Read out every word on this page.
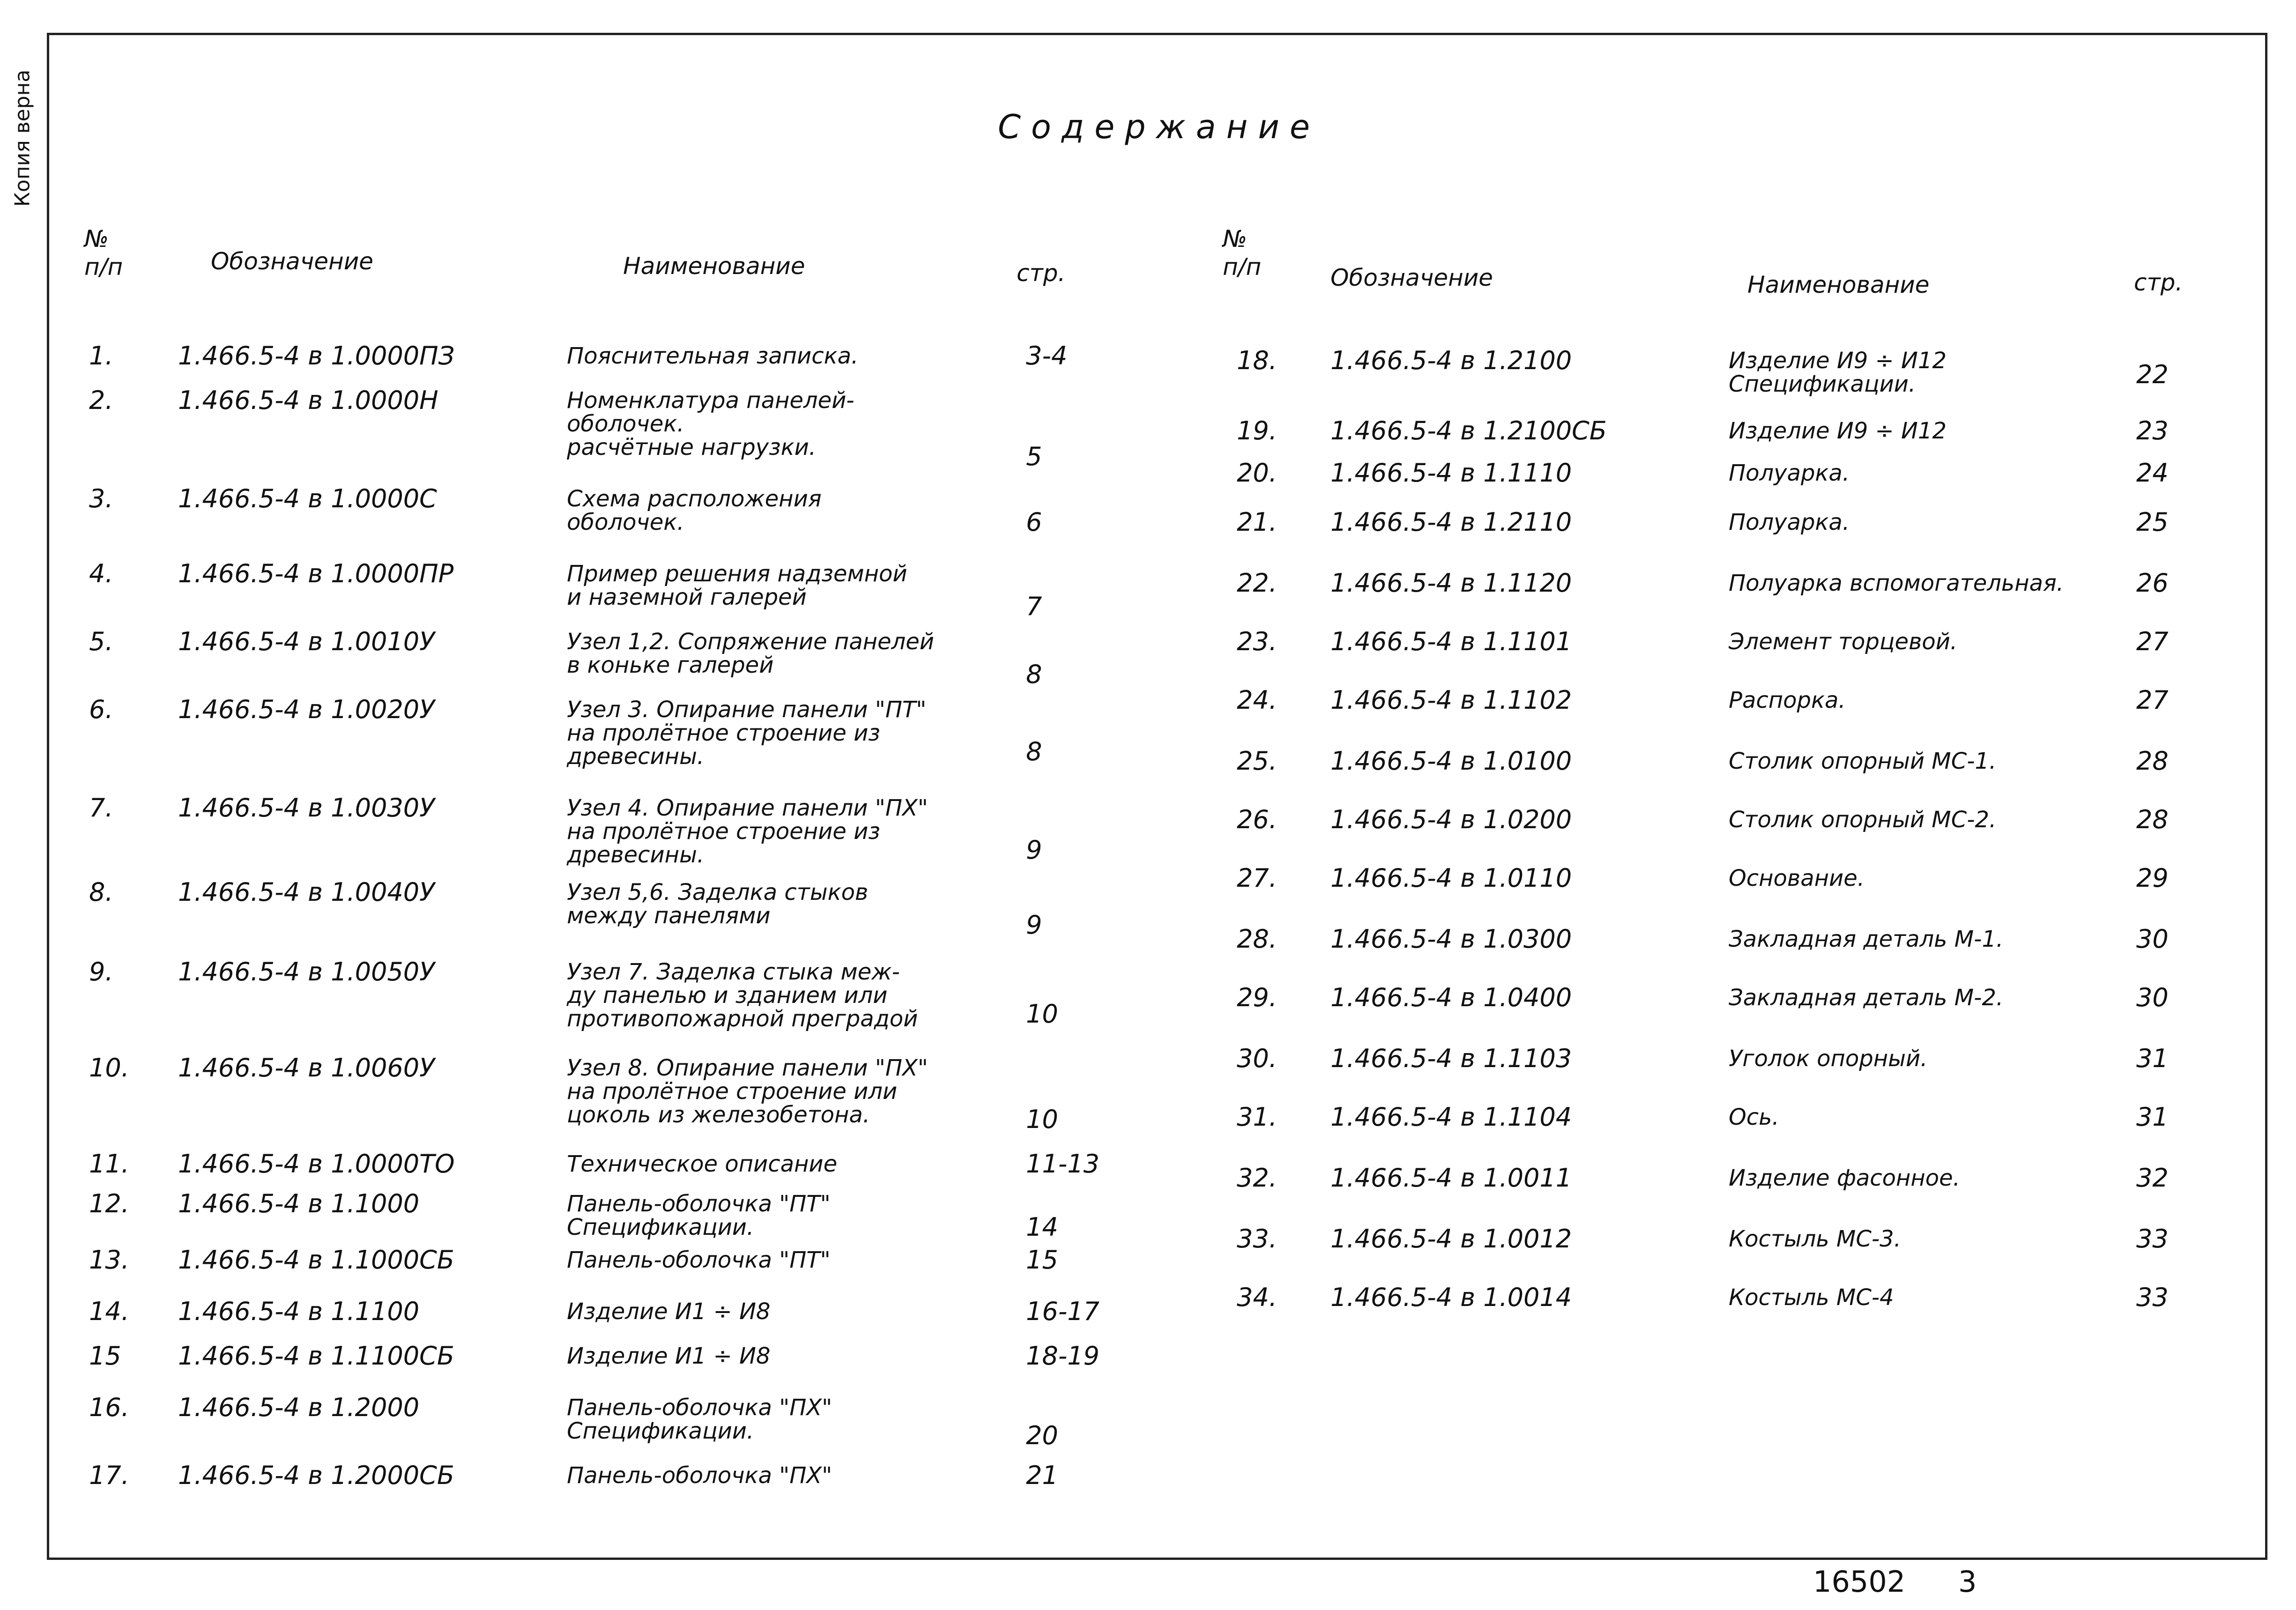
Копия верна	Содержание
№
п/п	Обозначение	Наименование	стр.
№
п/п	Обозначение	Наименование	стр.
1.	1.466.5-4 в 1.0000ПЗ	Пояснительная записка.	3-4
2.	1.466.5-4 в 1.0000Н	Номенклатура панелей-
оболочек.
расчётные нагрузки.	5
3.	1.466.5-4 в 1.0000С	Схема расположения
оболочек.	6
4.	1.466.5-4 в 1.0000ПР	Пример решения надземной
и наземной галерей	7
5.	1.466.5-4 в 1.0010У	Узел 1,2. Сопряжение панелей
в коньке галерей	8
6.	1.466.5-4 в 1.0020У	Узел 3. Опирание панели "ПТ"
на пролётное строение из
древесины.	8
7.	1.466.5-4 в 1.0030У	Узел 4. Опирание панели "ПХ"
на пролётное строение из
древесины.	9
8.	1.466.5-4 в 1.0040У	Узел 5,6. Заделка стыков
между панелями	9
9.	1.466.5-4 в 1.0050У	Узел 7. Заделка стыка меж-
ду панелью и зданием или
противопожарной преградой	10
10. 1.466.5-4 в 1.0060У	Узел 8. Опирание панели "ПХ"
на пролётное строение или
цоколь из железобетона.	10
11. 1.466.5-4 в 1.0000ТО	Техническое описание	11-13
12. 1.466.5-4 в 1.1000	Панель-оболочка "ПТ"
Спецификации.	14
13. 1.466.5-4 в 1.1000СБ	Панель-оболочка "ПТ"	15
14. 1.466.5-4 в 1.1100	Изделие И1 ÷ И8	16-17
15 1.466.5-4 в 1.1100СБ	Изделие И1 ÷ И8	18-19
16. 1.466.5-4 в 1.2000	Панель-оболочка "ПХ"
Спецификации.	20
17. 1.466.5-4 в 1.2000СБ	Панель-оболочка "ПХ"	21
18. 1.466.5-4 в 1.2100	Изделие И9 ÷ И12
Спецификации.	22
19. 1.466.5-4 в 1.2100СБ	Изделие И9 ÷ И12	23
20. 1.466.5-4 в 1.1110	Полуарка.	24
21. 1.466.5-4 в 1.2110	Полуарка.	25
22. 1.466.5-4 в 1.1120	Полуарка вспомогательная.	26
23. 1.466.5-4 в 1.1101	Элемент торцевой.	27
24. 1.466.5-4 в 1.1102	Распорка.	27
25. 1.466.5-4 в 1.0100	Столик опорный МС-1.	28
26. 1.466.5-4 в 1.0200	Столик опорный МС-2.	28
27. 1.466.5-4 в 1.0110	Основание.	29
28. 1.466.5-4 в 1.0300	Закладная деталь М-1.	30
29. 1.466.5-4 в 1.0400	Закладная деталь М-2.	30
30. 1.466.5-4 в 1.1103	Уголок опорный.	31
31. 1.466.5-4 в 1.1104	Ось.	31
32. 1.466.5-4 в 1.0011	Изделие фасонное.	32
33. 1.466.5-4 в 1.0012	Костыль МС-3.	33
34. 1.466.5-4 в 1.0014	Костыль МС-4	33
16502 3
